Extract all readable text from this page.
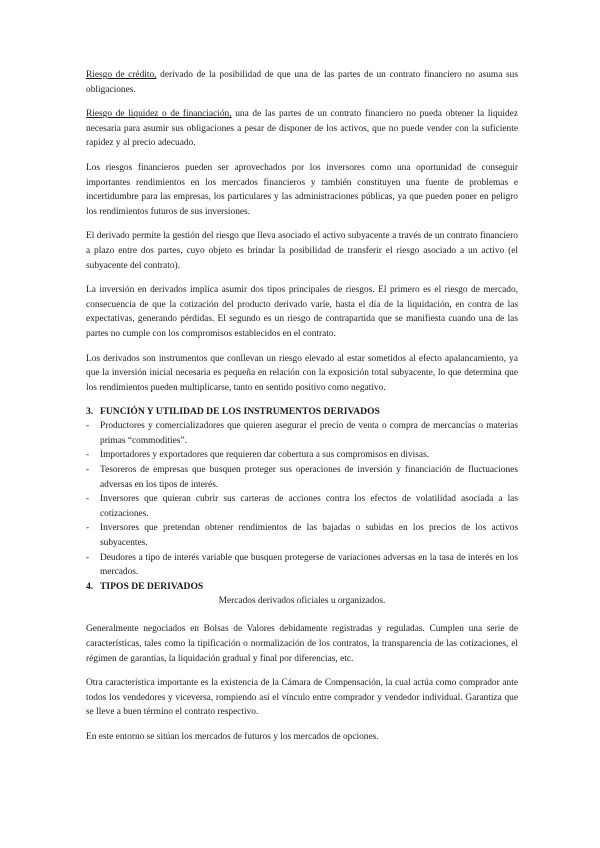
Riesgo de crédito, derivado de la posibilidad de que una de las partes de un contrato financiero no asuma sus obligaciones.

Riesgo de liquidez o de financiación, una de las partes de un contrato financiero no pueda obtener la liquidez necesaria para asumir sus obligaciones a pesar de disponer de los activos, que no puede vender con la suficiente rapidez y al precio adecuado.

Los riesgos financieros pueden ser aprovechados por los inversores como una oportunidad de conseguir importantes rendimientos en los mercados financieros y también constituyen una fuente de problemas e incertidumbre para las empresas, los particulares y las administraciones públicas, ya que pueden poner en peligro los rendimientos futuros de sus inversiones.

El derivado permite la gestión del riesgo que lleva asociado el activo subyacente a través de un contrato financiero a plazo entre dos partes, cuyo objeto es brindar la posibilidad de transferir el riesgo asociado a un activo (el subyacente del contrato).

La inversión en derivados implica asumir dos tipos principales de riesgos. El primero es el riesgo de mercado, consecuencia de que la cotización del producto derivado varíe, hasta el día de la liquidación, en contra de las expectativas, generando pérdidas. El segundo es un riesgo de contrapartida que se manifiesta cuando una de las partes no cumple con los compromisos establecidos en el contrato.

Los derivados son instrumentos que conllevan un riesgo elevado al estar sometidos al efecto apalancamiento, ya que la inversión inicial necesaria es pequeña en relación con la exposición total subyacente, lo que determina que los rendimientos pueden multiplicarse, tanto en sentido positivo como negativo.

3. FUNCIÓN Y UTILIDAD DE LOS INSTRUMENTOS DERIVADOS
- Productores y comercializadores que quieren asegurar el precio de venta o compra de mercancías o materias primas “commodities”.
- Importadores y exportadores que requieren dar cobertura a sus compromisos en divisas.
- Tesoreros de empresas que busquen proteger sus operaciones de inversión y financiación de fluctuaciones adversas en los tipos de interés.
- Inversores que quieran cubrir sus carteras de acciones contra los efectos de volatilidad asociada a las cotizaciones.
- Inversores que pretendan obtener rendimientos de las bajadas o subidas en los precios de los activos subyacentes.
- Deudores a tipo de interés variable que busquen protegerse de variaciones adversas en la tasa de interés en los mercados.
4. TIPOS DE DERIVADOS

Mercados derivados oficiales u organizados.

Generalmente negociados en Bolsas de Valores debidamente registradas y reguladas. Cumplen una serie de características, tales como la tipificación o normalización de los contratos, la transparencia de las cotizaciones, el régimen de garantías, la liquidación gradual y final por diferencias, etc.

Otra característica importante es la existencia de la Cámara de Compensación, la cual actúa como comprador ante todos los vendedores y viceversa, rompiendo así el vínculo entre comprador y vendedor individual. Garantiza que se lleve a buen término el contrato respectivo.

En este entorno se sitúan los mercados de futuros y los mercados de opciones.
